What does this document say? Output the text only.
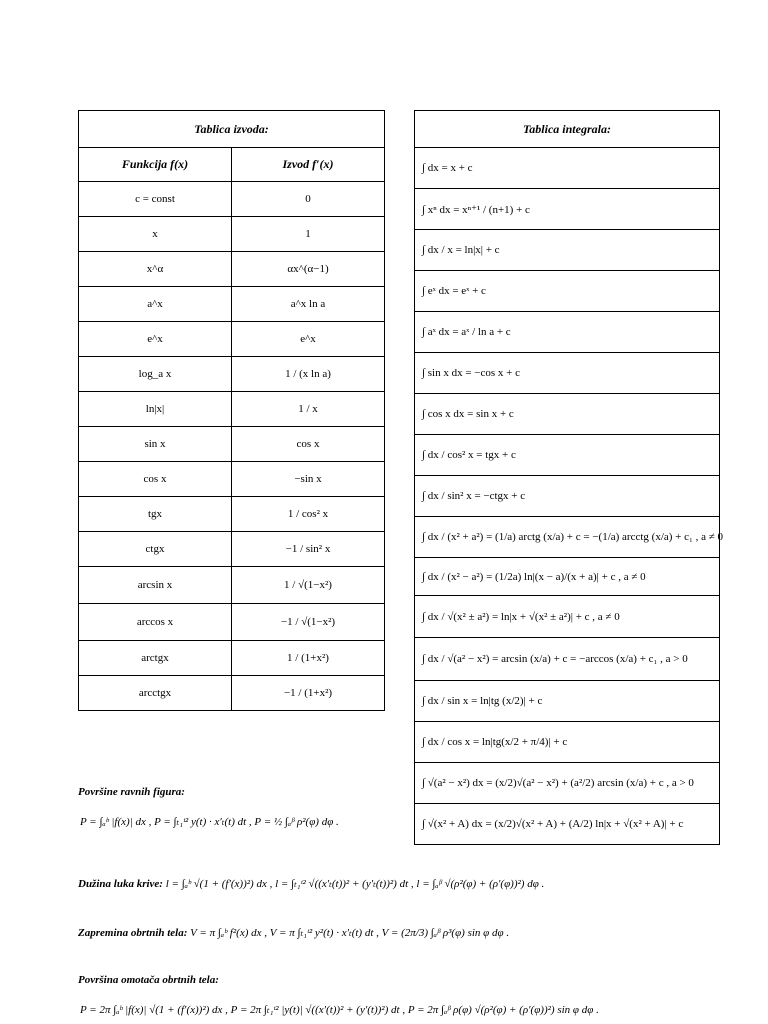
Tablica izvoda:	
Funkcija f(x)	Izvod f′(x)
c = const	0
x	1
x^α	αx^(α−1)
a^x	a^x ln a
e^x	e^x
log_a x	1 / (x ln a)
ln|x|	1 / x
sin x	cos x
cos x	−sin x
tgx	1 / cos² x
ctgx	−1 / sin² x
arcsin x	1 / √(1−x²)
arccos x	−1 / √(1−x²)
arctgx	1 / (1+x²)
arcctgx	−1 / (1+x²)
Tablica integrala:
∫ dx = x + c
∫ xⁿ dx = xⁿ⁺¹ / (n+1) + c
∫ dx / x = ln|x| + c
∫ eˣ dx = eˣ + c
∫ aˣ dx = aˣ / ln a + c
∫ sin x dx = −cos x + c
∫ cos x dx = sin x + c
∫ dx / cos² x = tgx + c
∫ dx / sin² x = −ctgx + c
∫ dx / (x² + a²) = (1/a) arctg (x/a) + c = −(1/a) arcctg (x/a) + c₁ , a ≠ 0
∫ dx / (x² − a²) = (1/2a) ln|(x − a)/(x + a)| + c , a ≠ 0
∫ dx / √(x² ± a²) = ln|x + √(x² ± a²)| + c , a ≠ 0
∫ dx / √(a² − x²) = arcsin (x/a) + c = −arccos (x/a) + c₁ , a > 0
∫ dx / sin x = ln|tg (x/2)| + c
∫ dx / cos x = ln|tg(x/2 + π/4)| + c
∫ √(a² − x²) dx = (x/2)√(a² − x²) + (a²/2) arcsin (x/a) + c , a > 0
∫ √(x² + A) dx = (x/2)√(x² + A) + (A/2) ln|x + √(x² + A)| + c
Površine ravnih figura:
P = ∫ₐᵇ |f(x)| dx , P = ∫ₜ₁ᵗ² y(t) · x′ₜ(t) dt , P = ½ ∫ₐᵝ ρ²(φ) dφ .
Dužina luka krive: l = ∫ₐᵇ √(1 + (f′(x))²) dx , l = ∫ₜ₁ᵗ² √((x′ₜ(t))² + (y′ₜ(t))²) dt , l = ∫ₐᵝ √(ρ²(φ) + (ρ′(φ))²) dφ .
Zapremina obrtnih tela: V = π ∫ₐᵇ f²(x) dx , V = π ∫ₜ₁ᵗ² y²(t) · x′ₜ(t) dt , V = (2π/3) ∫ₐᵝ ρ³(φ) sin φ dφ .
Površina omotača obrtnih tela:
P = 2π ∫ₐᵇ |f(x)| √(1 + (f′(x))²) dx , P = 2π ∫ₜ₁ᵗ² |y(t)| √((x′(t))² + (y′(t))²) dt , P = 2π ∫ₐᵝ ρ(φ) √(ρ²(φ) + (ρ′(φ))²) sin φ dφ .
